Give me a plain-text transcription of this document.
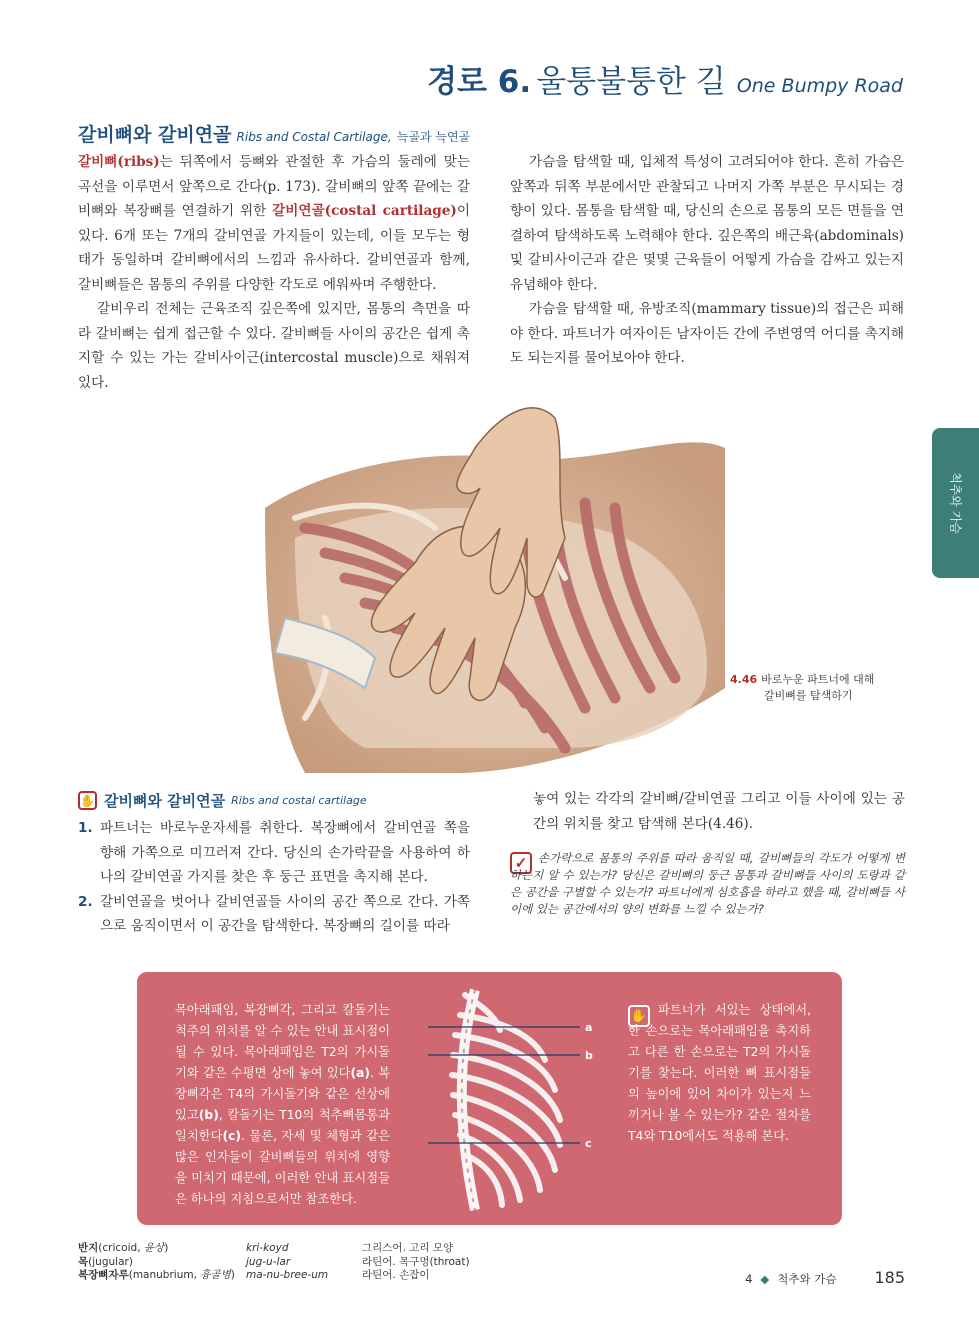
경로 6. 울퉁불퉁한 길 One Bumpy Road
갈비뼈와 갈비연골 Ribs and Costal Cartilage, 늑골과 늑연골

갈비뼈(ribs)는 뒤쪽에서 등뼈와 관절한 후 가슴의 둘레에 맞는 곡선을 이루면서 앞쪽으로 간다(p. 173). 갈비뼈의 앞쪽 끝에는 갈비뼈와 복장뼈를 연결하기 위한 갈비연골(costal cartilage)이 있다. 6개 또는 7개의 갈비연골 가지들이 있는데, 이들 모두는 형태가 동일하며 갈비뼈에서의 느낌과 유사하다. 갈비연골과 함께, 갈비뼈들은 몸통의 주위를 다양한 각도로 에워싸며 주행한다.

갈비우리 전체는 근육조직 깊은쪽에 있지만, 몸통의 측면을 따라 갈비뼈는 쉽게 접근할 수 있다. 갈비뼈들 사이의 공간은 쉽게 촉지할 수 있는 가는 갈비사이근(intercostal muscle)으로 채워져 있다.

가슴을 탐색할 때, 입체적 특성이 고려되어야 한다. 흔히 가슴은 앞쪽과 뒤쪽 부분에서만 관찰되고 나머지 가쪽 부분은 무시되는 경향이 있다. 몸통을 탐색할 때, 당신의 손으로 몸통의 모든 면들을 연결하여 탐색하도록 노력해야 한다. 깊은쪽의 배근육(abdominals) 및 갈비사이근과 같은 몇몇 근육들이 어떻게 가슴을 감싸고 있는지 유념해야 한다.

가슴을 탐색할 때, 유방조직(mammary tissue)의 접근은 피해야 한다. 파트너가 여자이든 남자이든 간에 주변영역 어디를 촉지해도 되는지를 물어보아야 한다.

척추와 가슴
4.46 바로누운 파트너에 대해
갈비뼈를 탐색하기
✋ 갈비뼈와 갈비연골 Ribs and costal cartilage
1. 파트너는 바로누운자세를 취한다. 복장뼈에서 갈비연골 쪽을 향해 가쪽으로 미끄러져 간다. 당신의 손가락끝을 사용하여 하나의 갈비연골 가지를 찾은 후 둥근 표면을 촉지해 본다.
2. 갈비연골을 벗어나 갈비연골들 사이의 공간 쪽으로 간다. 가쪽으로 움직이면서 이 공간을 탐색한다. 복장뼈의 길이를 따라
놓여 있는 각각의 갈비뼈/갈비연골 그리고 이들 사이에 있는 공간의 위치를 찾고 탐색해 본다(4.46).
✓ 손가락으로 몸통의 주위를 따라 움직일 때, 갈비뼈들의 각도가 어떻게 변하는지 알 수 있는가? 당신은 갈비뼈의 둥근 몸통과 갈비뼈들 사이의 도랑과 같은 공간을 구별할 수 있는가? 파트너에게 심호흡을 하라고 했을 때, 갈비뼈들 사이에 있는 공간에서의 양의 변화를 느낄 수 있는가?
목아래패임, 복장뼈각, 그리고 칼돌기는 척주의 위치를 알 수 있는 안내 표시점이 될 수 있다. 목아래패임은 T2의 가시돌기와 같은 수평면 상에 놓여 있다(a). 복장뼈각은 T4의 가시돌기와 같은 선상에 있고(b), 칼돌기는 T10의 척추뼈몸통과 일치한다(c). 물론, 자세 및 체형과 같은 많은 인자들이 갈비뼈들의 위치에 영향을 미치기 때문에, 이러한 안내 표시점들은 하나의 지침으로서만 참조한다.
a
b
c
✋ 파트너가 서있는 상태에서, 한 손으로는 목아래패임을 촉지하고 다른 한 손으로는 T2의 가시돌기를 찾는다. 이러한 뼈 표시점들의 높이에 있어 차이가 있는지 느끼거나 볼 수 있는가? 같은 절차를 T4와 T10에서도 적용해 본다.
반지(cricoid, 윤상)	kri-koyd	그리스어. 고리 모양
목(jugular)	jug-u-lar	라틴어. 목구멍(throat)
복장뼈자루(manubrium, 흉골병)	ma-nu-bree-um	라틴어. 손잡이	4 ◆ 척추와 가슴 185
